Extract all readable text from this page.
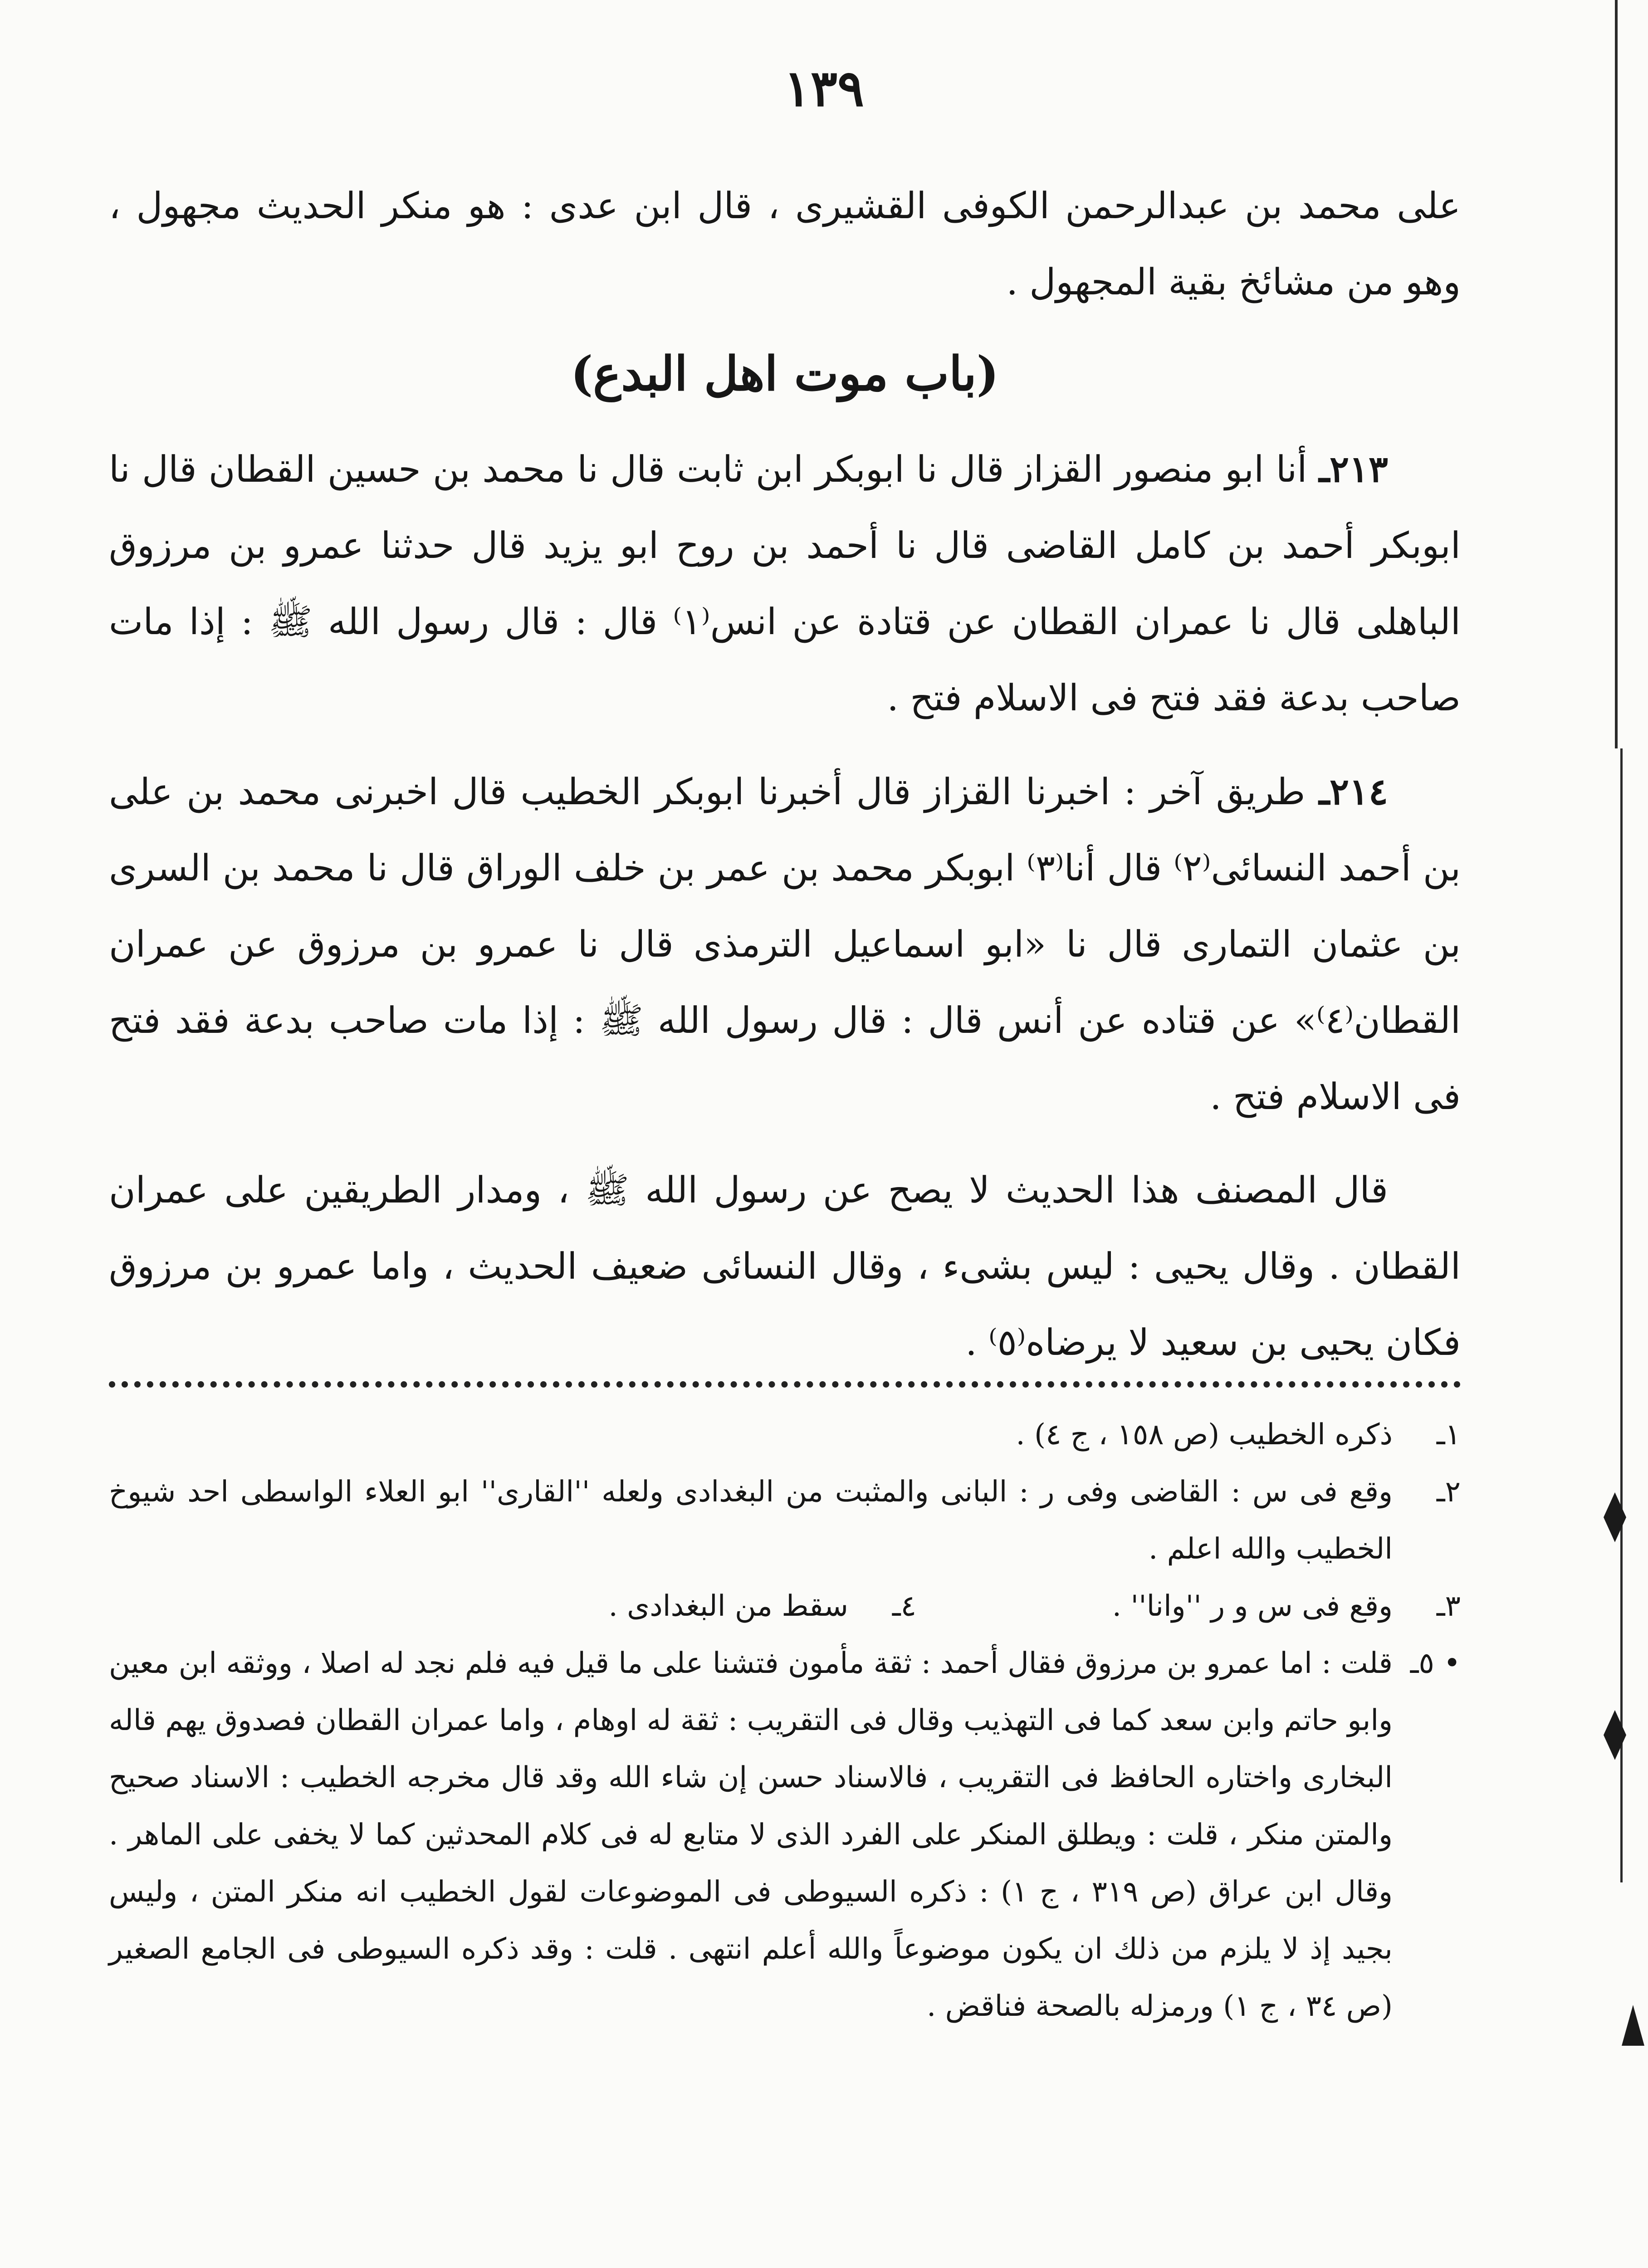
١٣٩

على محمد بن عبدالرحمن الكوفى القشيرى ، قال ابن عدى : هو منكر الحديث مجهول ، وهو من مشائخ بقية المجهول .

(باب موت اهل البدع)

٢١٣ـ أنا ابو منصور القزاز قال نا ابوبكر ابن ثابت قال نا محمد بن حسين القطان قال نا ابوبكر أحمد بن كامل القاضى قال نا أحمد بن روح ابو يزيد قال حدثنا عمرو بن مرزوق الباهلى قال نا عمران القطان عن قتادة عن انس⁽١⁾ قال : قال رسول الله ﷺ : إذا مات صاحب بدعة فقد فتح فى الاسلام فتح .

٢١٤ـ طريق آخر : اخبرنا القزاز قال أخبرنا ابوبكر الخطيب قال اخبرنى محمد بن على بن أحمد النسائى⁽٢⁾ قال أنا⁽٣⁾ ابوبكر محمد بن عمر بن خلف الوراق قال نا محمد بن السرى بن عثمان التمارى قال نا «ابو اسماعيل الترمذى قال نا عمرو بن مرزوق عن عمران القطان⁽٤⁾» عن قتاده عن أنس قال : قال رسول الله ﷺ : إذا مات صاحب بدعة فقد فتح فى الاسلام فتح .

قال المصنف هذا الحديث لا يصح عن رسول الله ﷺ ، ومدار الطريقين على عمران القطان . وقال يحيى : ليس بشىء ، وقال النسائى ضعيف الحديث ، واما عمرو بن مرزوق فكان يحيى بن سعيد لا يرضاه⁽٥⁾ .

١ـ
ذكره الخطيب (ص ١٥٨ ، ج ٤) .
٢ـ
وقع فى س : القاضى وفى ر : البانى والمثبت من البغدادى ولعله ''القارى'' ابو العلاء الواسطى احد شيوخ الخطيب والله اعلم .
٣ـ
وقع فى س و ر ''وانا'' .
٤ـ
سقط من البغدادى .
• ٥ـ
قلت : اما عمرو بن مرزوق فقال أحمد : ثقة مأمون فتشنا على ما قيل فيه فلم نجد له اصلا ، ووثقه ابن معين وابو حاتم وابن سعد كما فى التهذيب وقال فى التقريب : ثقة له اوهام ، واما عمران القطان فصدوق يهم قاله البخارى واختاره الحافظ فى التقريب ، فالاسناد حسن إن شاء الله وقد قال مخرجه الخطيب : الاسناد صحيح والمتن منكر ، قلت : ويطلق المنكر على الفرد الذى لا متابع له فى كلام المحدثين كما لا يخفى على الماهر . وقال ابن عراق (ص ٣١٩ ، ج ١) : ذكره السيوطى فى الموضوعات لقول الخطيب انه منكر المتن ، وليس بجيد إذ لا يلزم من ذلك ان يكون موضوعاً والله أعلم انتهى . قلت : وقد ذكره السيوطى فى الجامع الصغير (ص ٣٤ ، ج ١) ورمزله بالصحة فناقض .
